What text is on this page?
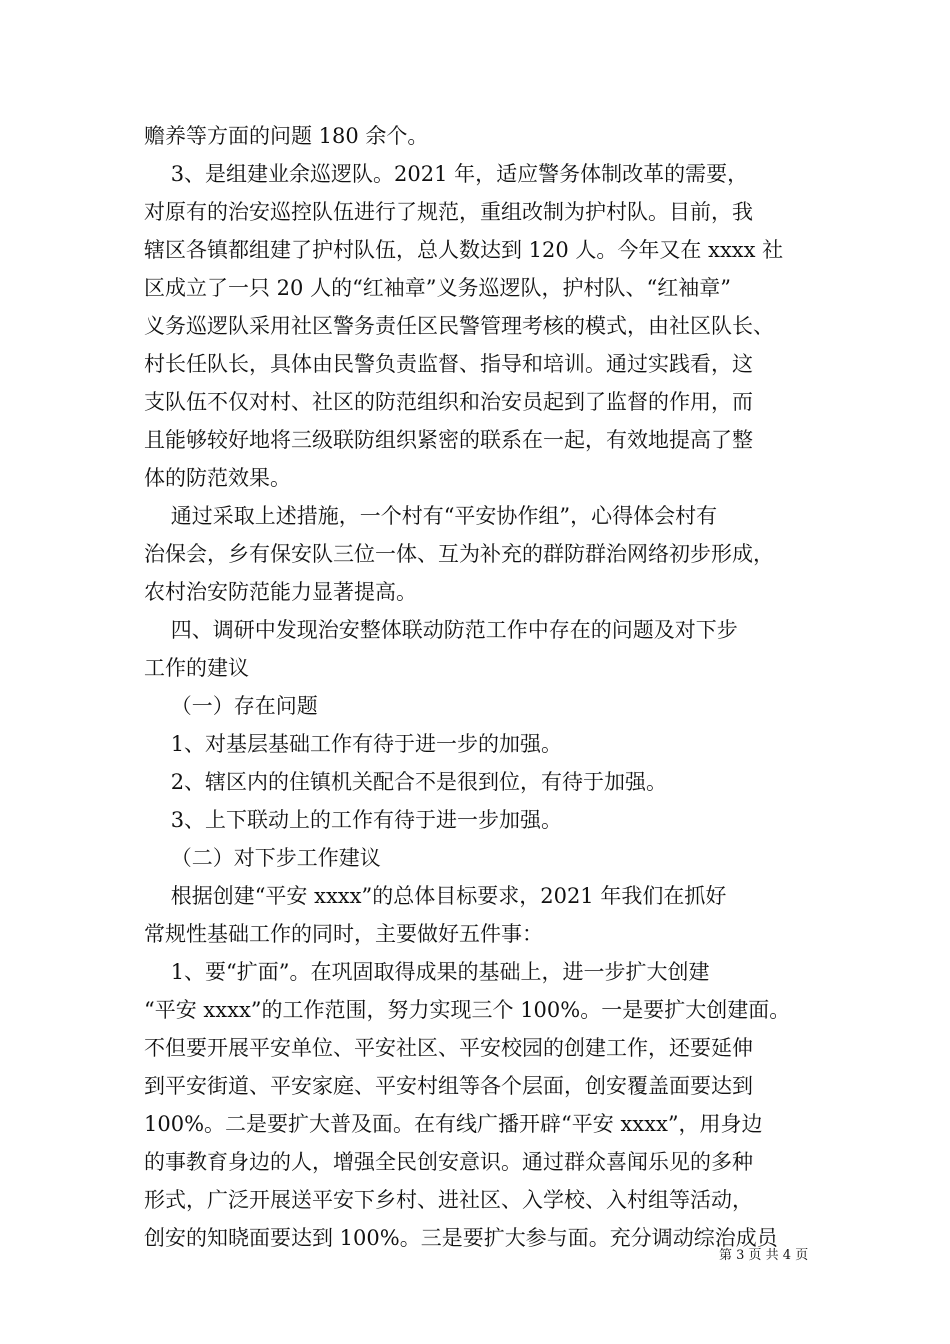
赡养等方面的问题 180 余个。
3、是组建业余巡逻队。2021 年，适应警务体制改革的需要，
对原有的治安巡控队伍进行了规范，重组改制为护村队。目前，我
辖区各镇都组建了护村队伍，总人数达到 120 人。今年又在 xxxx 社
区成立了一只 20 人的“红袖章”义务巡逻队，护村队、“红袖章”
义务巡逻队采用社区警务责任区民警管理考核的模式，由社区队长、
村长任队长，具体由民警负责监督、指导和培训。通过实践看，这
支队伍不仅对村、社区的防范组织和治安员起到了监督的作用，而
且能够较好地将三级联防组织紧密的联系在一起，有效地提高了整
体的防范效果。
通过采取上述措施，一个村有“平安协作组”，心得体会村有
治保会，乡有保安队三位一体、互为补充的群防群治网络初步形成，
农村治安防范能力显著提高。
四、调研中发现治安整体联动防范工作中存在的问题及对下步
工作的建议
（一）存在问题
1、对基层基础工作有待于进一步的加强。
2、辖区内的住镇机关配合不是很到位，有待于加强。
3、上下联动上的工作有待于进一步加强。
（二）对下步工作建议
根据创建“平安 xxxx”的总体目标要求，2021 年我们在抓好
常规性基础工作的同时，主要做好五件事：
1、要“扩面”。在巩固取得成果的基础上，进一步扩大创建
“平安 xxxx”的工作范围，努力实现三个 100%。一是要扩大创建面。
不但要开展平安单位、平安社区、平安校园的创建工作，还要延伸
到平安街道、平安家庭、平安村组等各个层面，创安覆盖面要达到
100%。二是要扩大普及面。在有线广播开辟“平安 xxxx”，用身边
的事教育身边的人，增强全民创安意识。通过群众喜闻乐见的多种
形式，广泛开展送平安下乡村、进社区、入学校、入村组等活动，
创安的知晓面要达到 100%。三是要扩大参与面。充分调动综治成员
第 3 页 共 4 页
